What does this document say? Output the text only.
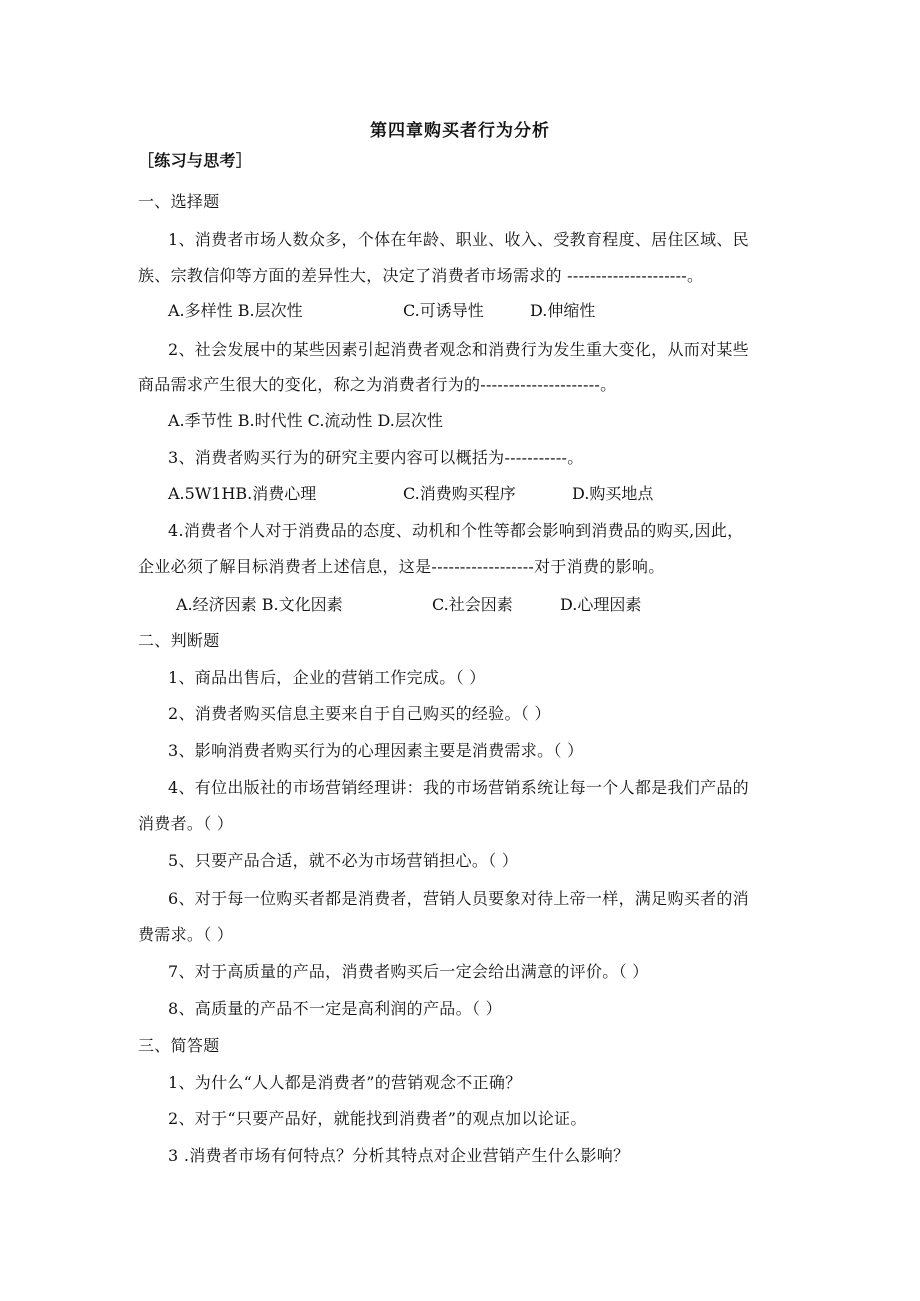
第四章购买者行为分析
［练习与思考］
一、选择题
1、消费者市场人数众多，个体在年龄、职业、收入、受教育程度、居住区域、民
族、宗教信仰等方面的差异性大，决定了消费者市场需求的 ---------------------。
A.多样性 B.层次性	C.可诱导性	D.伸缩性
2、社会发展中的某些因素引起消费者观念和消费行为发生重大变化，从而对某些
商品需求产生很大的变化，称之为消费者行为的---------------------。
A.季节性 B.时代性 C.流动性 D.层次性
3、消费者购买行为的研究主要内容可以概括为-----------。
A.5W1HB.消费心理	C.消费购买程序	D.购买地点
4.消费者个人对于消费品的态度、动机和个性等都会影响到消费品的购买,因此，
企业必须了解目标消费者上述信息，这是------------------对于消费的影响。
A.经济因素 B.文化因素	C.社会因素	D.心理因素
二、判断题
1、商品出售后，企业的营销工作完成。（ ）
2、消费者购买信息主要来自于自己购买的经验。（ ）
3、影响消费者购买行为的心理因素主要是消费需求。（ ）
4、有位出版社的市场营销经理讲：我的市场营销系统让每一个人都是我们产品的
消费者。（ ）
5、只要产品合适，就不必为市场营销担心。（ ）
6、对于每一位购买者都是消费者，营销人员要象对待上帝一样，满足购买者的消
费需求。（ ）
7、对于高质量的产品，消费者购买后一定会给出满意的评价。（ ）
8、高质量的产品不一定是高利润的产品。（ ）
三、简答题
1、为什么“人人都是消费者”的营销观念不正确？
2、对于“只要产品好，就能找到消费者”的观点加以论证。
3 .消费者市场有何特点？分析其特点对企业营销产生什么影响？
